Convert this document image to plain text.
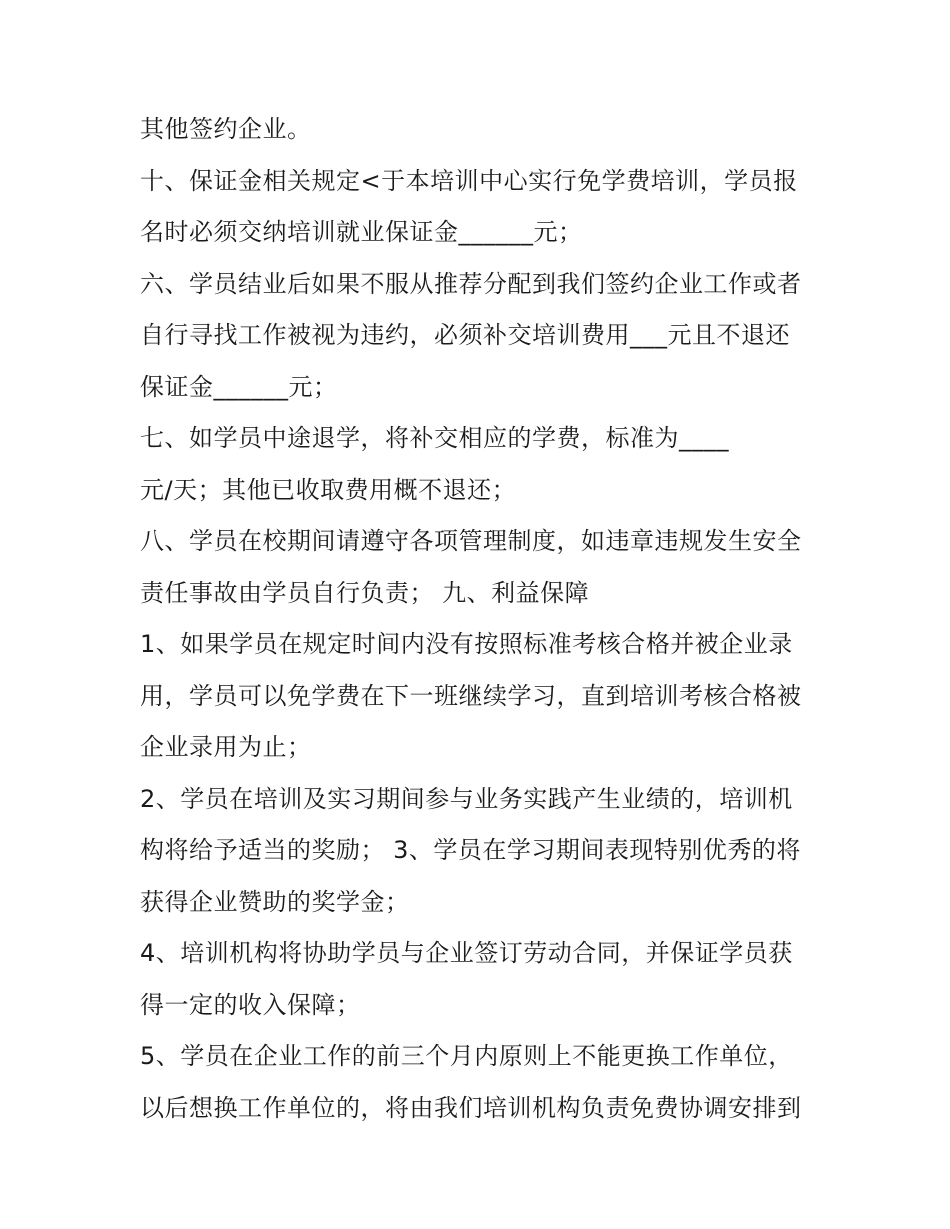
其他签约企业。
十、保证金相关规定<于本培训中心实行免学费培训，学员报
名时必须交纳培训就业保证金______元；
六、学员结业后如果不服从推荐分配到我们签约企业工作或者
自行寻找工作被视为违约，必须补交培训费用___元且不退还
保证金______元；
七、如学员中途退学，将补交相应的学费，标准为____
元/天；其他已收取费用概不退还；
八、学员在校期间请遵守各项管理制度，如违章违规发生安全
责任事故由学员自行负责； 九、利益保障
1、如果学员在规定时间内没有按照标准考核合格并被企业录
用，学员可以免学费在下一班继续学习，直到培训考核合格被
企业录用为止；
2、学员在培训及实习期间参与业务实践产生业绩的，培训机
构将给予适当的奖励； 3、学员在学习期间表现特别优秀的将
获得企业赞助的奖学金；
4、培训机构将协助学员与企业签订劳动合同，并保证学员获
得一定的收入保障；
5、学员在企业工作的前三个月内原则上不能更换工作单位，
以后想换工作单位的，将由我们培训机构负责免费协调安排到
